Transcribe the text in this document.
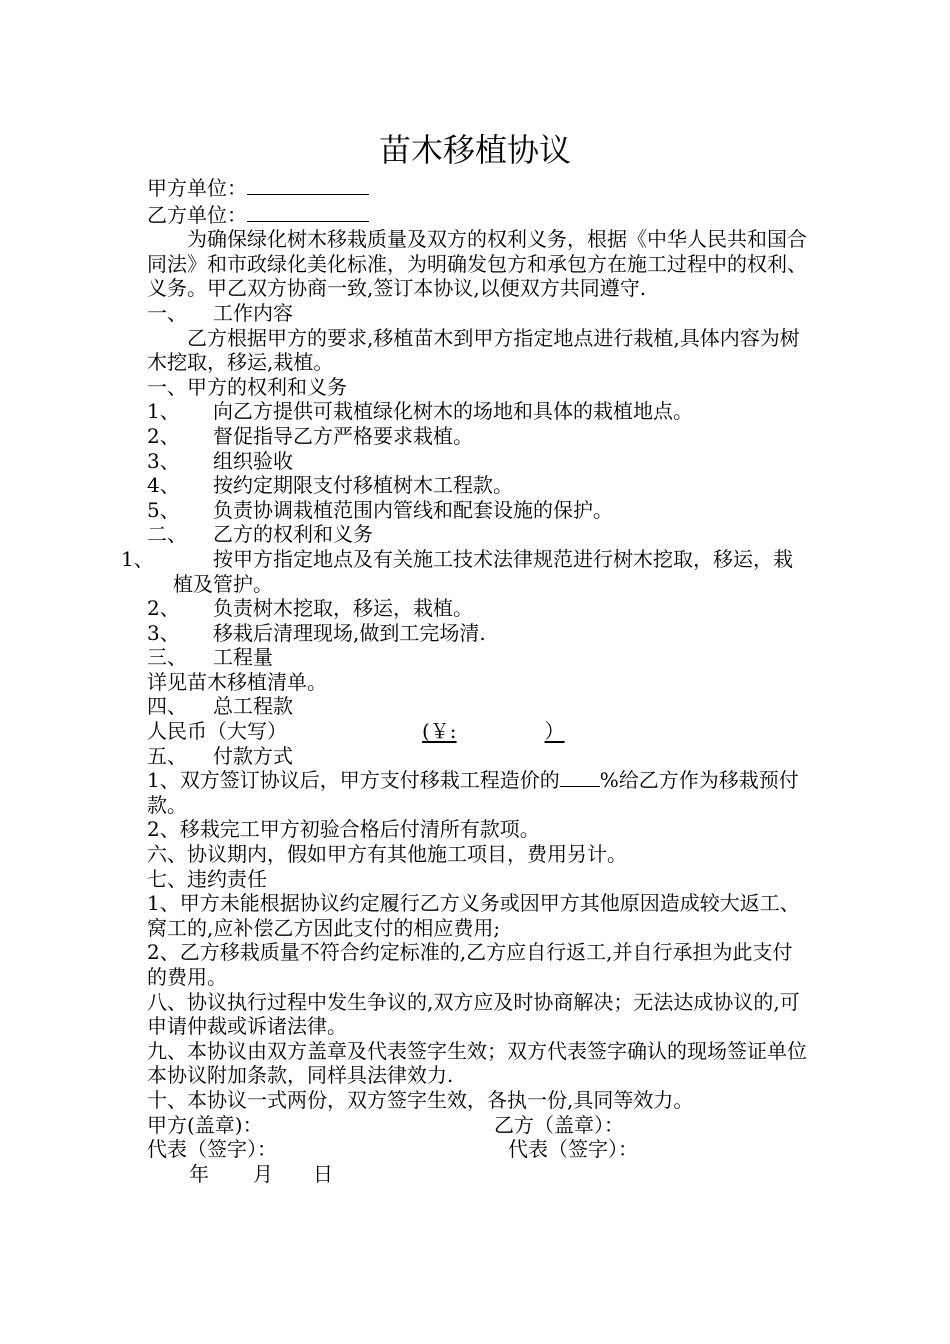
苗木移植协议

甲方单位：

乙方单位：

为确保绿化树木移栽质量及双方的权利义务，根据《中华人民共和国合同法》和市政绿化美化标准，为明确发包方和承包方在施工过程中的权利、义务。甲乙双方协商一致,签订本协议,以便双方共同遵守.

一、 工作内容

乙方根据甲方的要求,移植苗木到甲方指定地点进行栽植,具体内容为树木挖取，移运,栽植。

一、甲方的权利和义务

1、 向乙方提供可栽植绿化树木的场地和具体的栽植地点。

2、 督促指导乙方严格要求栽植。

3、 组织验收

4、 按约定期限支付移植树木工程款。

5、 负责协调栽植范围内管线和配套设施的保护。

二、 乙方的权利和义务

1、	按甲方指定地点及有关施工技术法律规范进行树木挖取，移运，栽植及管护。

2、 负责树木挖取，移运，栽植。

3、 移栽后清理现场,做到工完场清.

三、 工程量

详见苗木移植清单。

四、 总工程款

人民币（大写）	(￥:	）

五、 付款方式

1、双方签订协议后，甲方支付移栽工程造价的 %给乙方作为移栽预付款。

2、移栽完工甲方初验合格后付清所有款项。

六、协议期内，假如甲方有其他施工项目，费用另计。

七、违约责任

1、甲方未能根据协议约定履行乙方义务或因甲方其他原因造成较大返工、窝工的,应补偿乙方因此支付的相应费用;

2、乙方移栽质量不符合约定标准的,乙方应自行返工,并自行承担为此支付的费用。

八、协议执行过程中发生争议的,双方应及时协商解决；无法达成协议的,可申请仲裁或诉诸法律。

九、本协议由双方盖章及代表签字生效；双方代表签字确认的现场签证单位本协议附加条款，同样具法律效力.

十、本协议一式两份，双方签字生效，各执一份,具同等效力。

甲方(盖章)：	乙方（盖章）：
代表（签字）：	代表（签字）：

年 月 日
